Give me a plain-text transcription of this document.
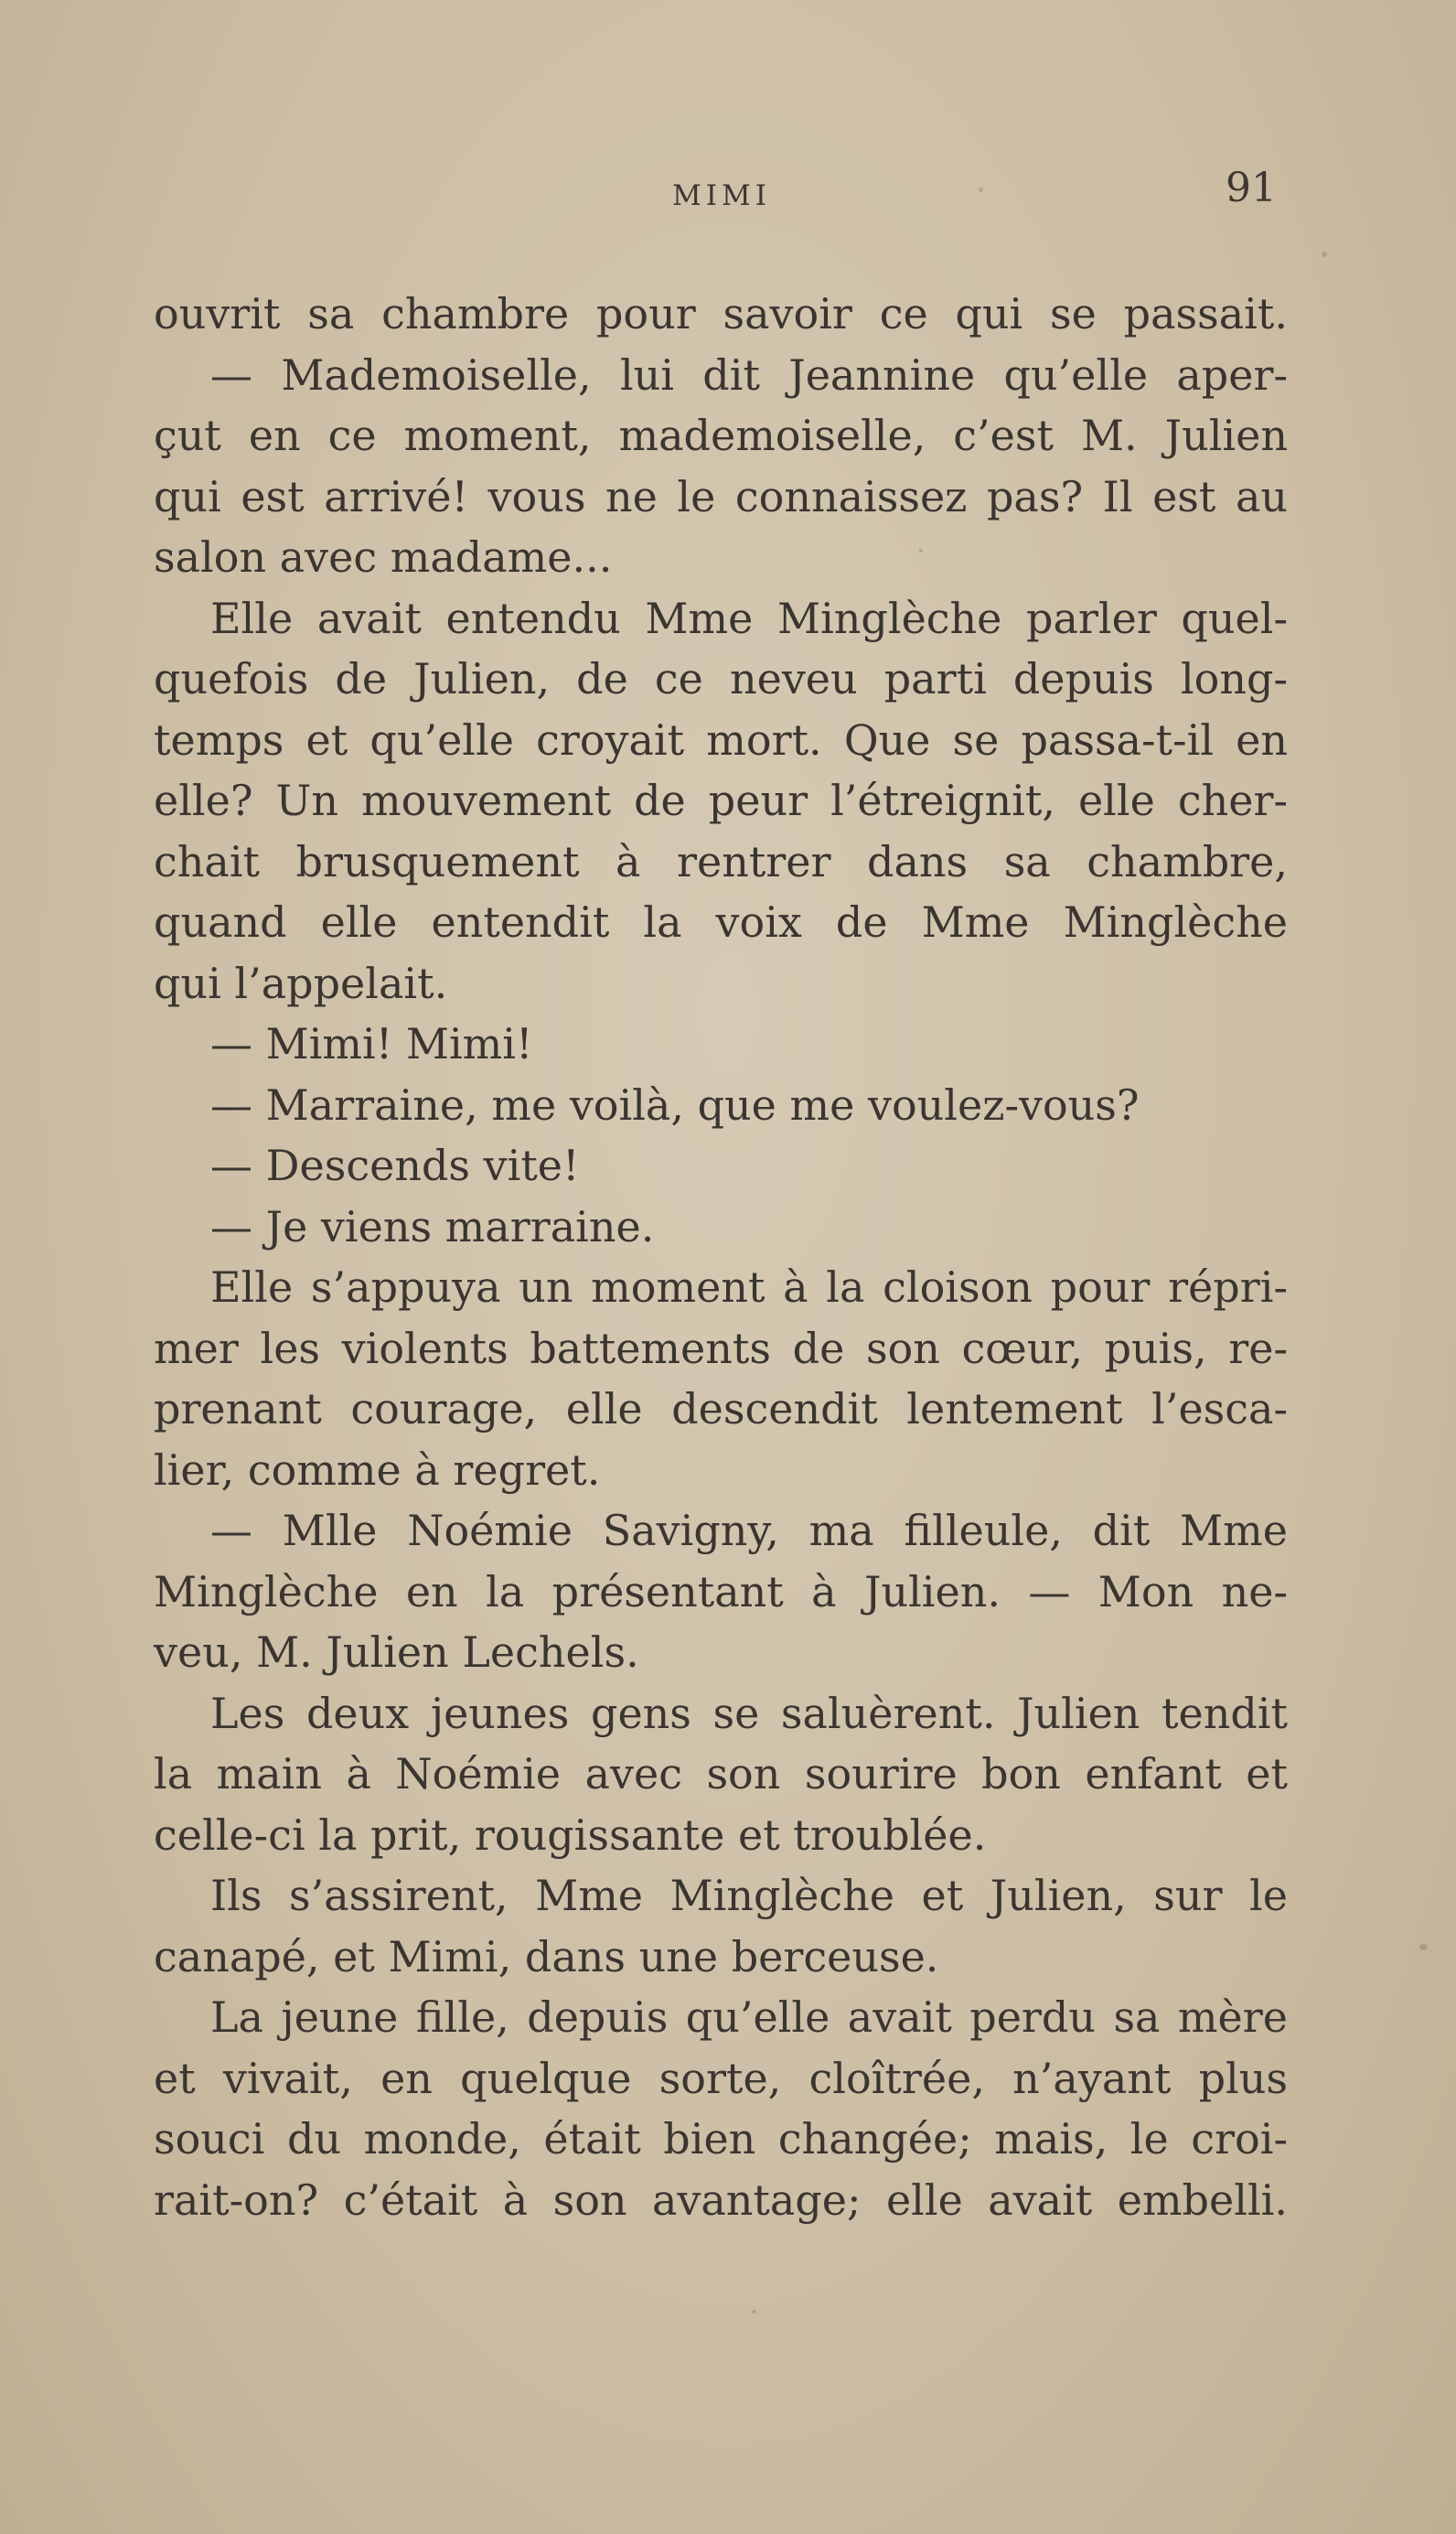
MIMI	91
ouvrit sa chambre pour savoir ce qui se passait.
— Mademoiselle, lui dit Jeannine qu’elle aper-
çut en ce moment, mademoiselle, c’est M. Julien
qui est arrivé! vous ne le connaissez pas? Il est au
salon avec madame...
Elle avait entendu Mme Minglèche parler quel-
quefois de Julien, de ce neveu parti depuis long-
temps et qu’elle croyait mort. Que se passa-t-il en
elle? Un mouvement de peur l’étreignit, elle cher-
chait brusquement à rentrer dans sa chambre,
quand elle entendit la voix de Mme Minglèche
qui l’appelait.
— Mimi! Mimi!
— Marraine, me voilà, que me voulez-vous?
— Descends vite!
— Je viens marraine.
Elle s’appuya un moment à la cloison pour répri-
mer les violents battements de son cœur, puis, re-
prenant courage, elle descendit lentement l’esca-
lier, comme à regret.
— Mlle Noémie Savigny, ma filleule, dit Mme
Minglèche en la présentant à Julien. — Mon ne-
veu, M. Julien Lechels.
Les deux jeunes gens se saluèrent. Julien tendit
la main à Noémie avec son sourire bon enfant et
celle-ci la prit, rougissante et troublée.
Ils s’assirent, Mme Minglèche et Julien, sur le
canapé, et Mimi, dans une berceuse.
La jeune fille, depuis qu’elle avait perdu sa mère
et vivait, en quelque sorte, cloîtrée, n’ayant plus
souci du monde, était bien changée; mais, le croi-
rait-on? c’était à son avantage; elle avait embelli.
